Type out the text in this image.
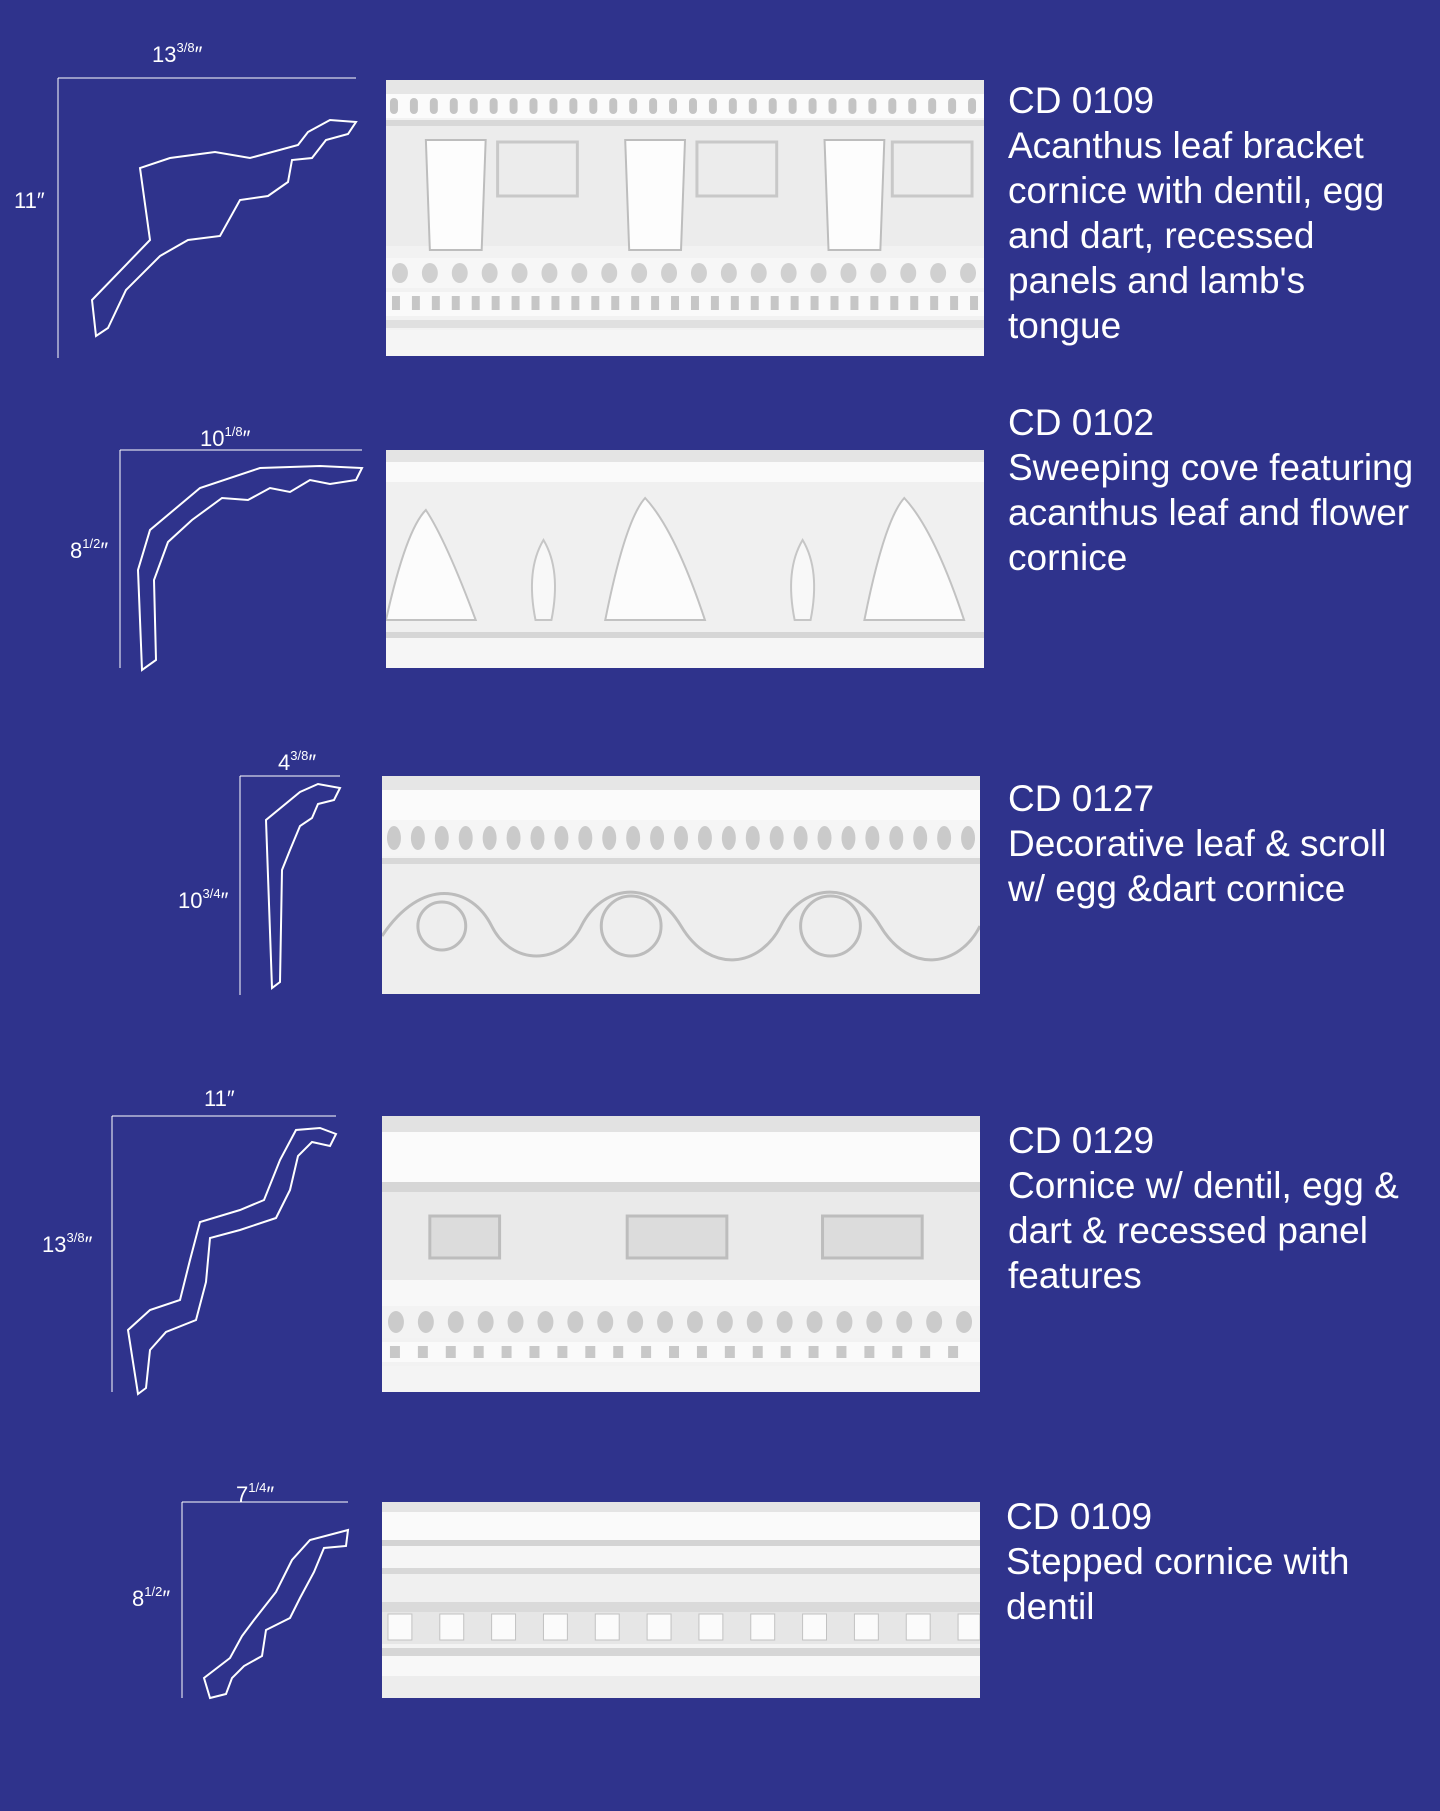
$13^{3/8}''$
11″
CD 0109
Acanthus leaf bracket cornice with dentil, egg and dart, recessed panels and lamb's tongue
$10^{1/8}''$
$8^{1/2}''$
CD 0102
Sweeping cove featuring acanthus leaf and flower cornice
$4^{3/8}''$
$10^{3/4}''$
CD 0127
Decorative leaf & scroll w/ egg &dart cornice
11″
$13^{3/8}''$
CD 0129
Cornice w/ dentil, egg & dart & recessed panel features
$7^{1/4}''$
$8^{1/2}''$
CD 0109
Stepped cornice with dentil
